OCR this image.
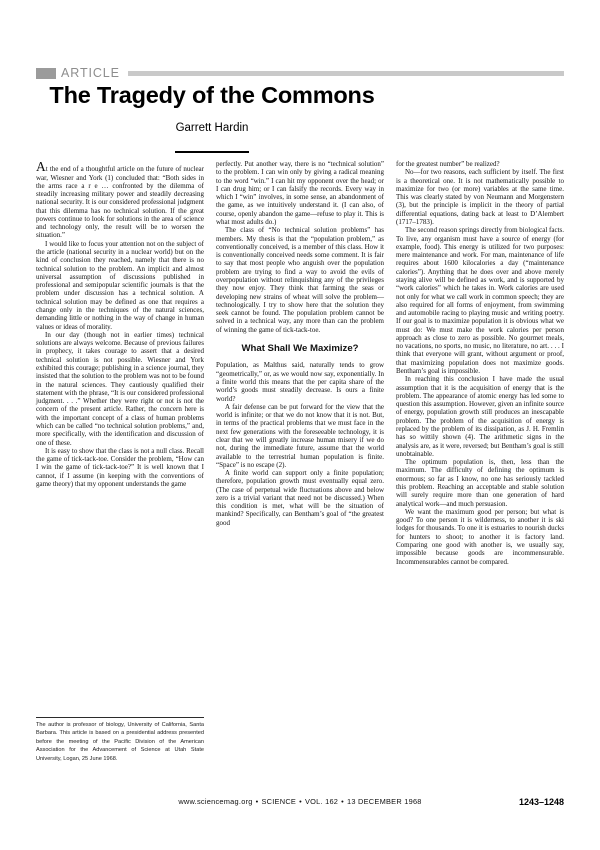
ARTICLE
The Tragedy of the Commons
Garrett Hardin

At the end of a thoughtful article on the future of nuclear war, Wiesner and York (1) concluded that: “Both sides in the arms race a r e … confronted by the dilemma of steadily increasing military power and steadily decreasing national security. It is our considered professional judgment that this dilemma has no technical solution. If the great powers continue to look for solutions in the area of science and technology only, the result will be to worsen the situation.”

I would like to focus your attention not on the subject of the article (national security in a nuclear world) but on the kind of conclusion they reached, namely that there is no technical solution to the problem. An implicit and almost universal assumption of discussions published in professional and semipopular scientific journals is that the problem under discussion has a technical solution. A technical solution may be defined as one that requires a change only in the techniques of the natural sciences, demanding little or nothing in the way of change in human values or ideas of morality.

In our day (though not in earlier times) technical solutions are always welcome. Because of previous failures in prophecy, it takes courage to assert that a desired technical solution is not possible. Wiesner and York exhibited this courage; publishing in a science journal, they insisted that the solution to the problem was not to be found in the natural sciences. They cautiously qualified their statement with the phrase, “It is our considered professional judgment. . . .” Whether they were right or not is not the concern of the present article. Rather, the concern here is with the important concept of a class of human problems which can be called “no technical solution problems,” and, more specifically, with the identification and discussion of one of these.

It is easy to show that the class is not a null class. Recall the game of tick-tack-toe. Consider the problem, “How can I win the game of tick-tack-toe?” It is well known that I cannot, if I assume (in keeping with the conventions of game theory) that my opponent understands the game

perfectly. Put another way, there is no “technical solution” to the problem. I can win only by giving a radical meaning to the word “win.” I can hit my opponent over the head; or I can drug him; or I can falsify the records. Every way in which I “win” involves, in some sense, an abandonment of the game, as we intuitively understand it. (I can also, of course, openly abandon the game—refuse to play it. This is what most adults do.)

The class of “No technical solution problems” has members. My thesis is that the “population problem,” as conventionally conceived, is a member of this class. How it is conventionally conceived needs some comment. It is fair to say that most people who anguish over the population problem are trying to find a way to avoid the evils of overpopulation without relinquishing any of the privileges they now enjoy. They think that farming the seas or developing new strains of wheat will solve the problem—technologically. I try to show here that the solution they seek cannot be found. The population problem cannot be solved in a technical way, any more than can the problem of winning the game of tick-tack-toe.

What Shall We Maximize?

Population, as Malthus said, naturally tends to grow “geometrically,” or, as we would now say, exponentially. In a finite world this means that the per capita share of the world’s goods must steadily decrease. Is ours a finite world?

A fair defense can be put forward for the view that the world is infinite; or that we do not know that it is not. But, in terms of the practical problems that we must face in the next few generations with the foreseeable technology, it is clear that we will greatly increase human misery if we do not, during the immediate future, assume that the world available to the terrestrial human population is finite. “Space” is no escape (2).

A finite world can support only a finite population; therefore, population growth must eventually equal zero. (The case of perpetual wide fluctuations above and below zero is a trivial variant that need not be discussed.) When this condition is met, what will be the situation of mankind? Specifically, can Bentham’s goal of “the greatest good

for the greatest number” be realized?

No—for two reasons, each sufficient by itself. The first is a theoretical one. It is not mathematically possible to maximize for two (or more) variables at the same time. This was clearly stated by von Neumann and Morgenstern (3), but the principle is implicit in the theory of partial differential equations, dating back at least to D’Alembert (1717–1783).

The second reason springs directly from biological facts. To live, any organism must have a source of energy (for example, food). This energy is utilized for two purposes: mere maintenance and work. For man, maintenance of life requires about 1600 kilocalories a day (“maintenance calories”). Anything that he does over and above merely staying alive will be defined as work, and is supported by “work calories” which he takes in. Work calories are used not only for what we call work in common speech; they are also required for all forms of enjoyment, from swimming and automobile racing to playing music and writing poetry. If our goal is to maximize population it is obvious what we must do: We must make the work calories per person approach as close to zero as possible. No gourmet meals, no vacations, no sports, no music, no literature, no art. . . . I think that everyone will grant, without argument or proof, that maximizing population does not maximize goods. Bentham’s goal is impossible.

In reaching this conclusion I have made the usual assumption that it is the acquisition of energy that is the problem. The appearance of atomic energy has led some to question this assumption. However, given an infinite source of energy, population growth still produces an inescapable problem. The problem of the acquisition of energy is replaced by the problem of its dissipation, as J. H. Fremlin has so wittily shown (4). The arithmetic signs in the analysis are, as it were, reversed; but Bentham’s goal is still unobtainable.

The optimum population is, then, less than the maximum. The difficulty of defining the optimum is enormous; so far as I know, no one has seriously tackled this problem. Reaching an acceptable and stable solution will surely require more than one generation of hard analytical work—and much persuasion.

We want the maximum good per person; but what is good? To one person it is wilderness, to another it is ski lodges for thousands. To one it is estuaries to nourish ducks for hunters to shoot; to another it is factory land. Comparing one good with another is, we usually say, impossible because goods are incommensurable. Incommensurables cannot be compared.

The author is professor of biology, University of California, Santa Barbara. This article is based on a presidential address presented before the meeting of the Pacific Division of the American Association for the Advancement of Science at Utah State University, Logan, 25 June 1968.
www.sciencemag.org • SCIENCE • VOL. 162 • 13 DECEMBER 1968	1243–1248
